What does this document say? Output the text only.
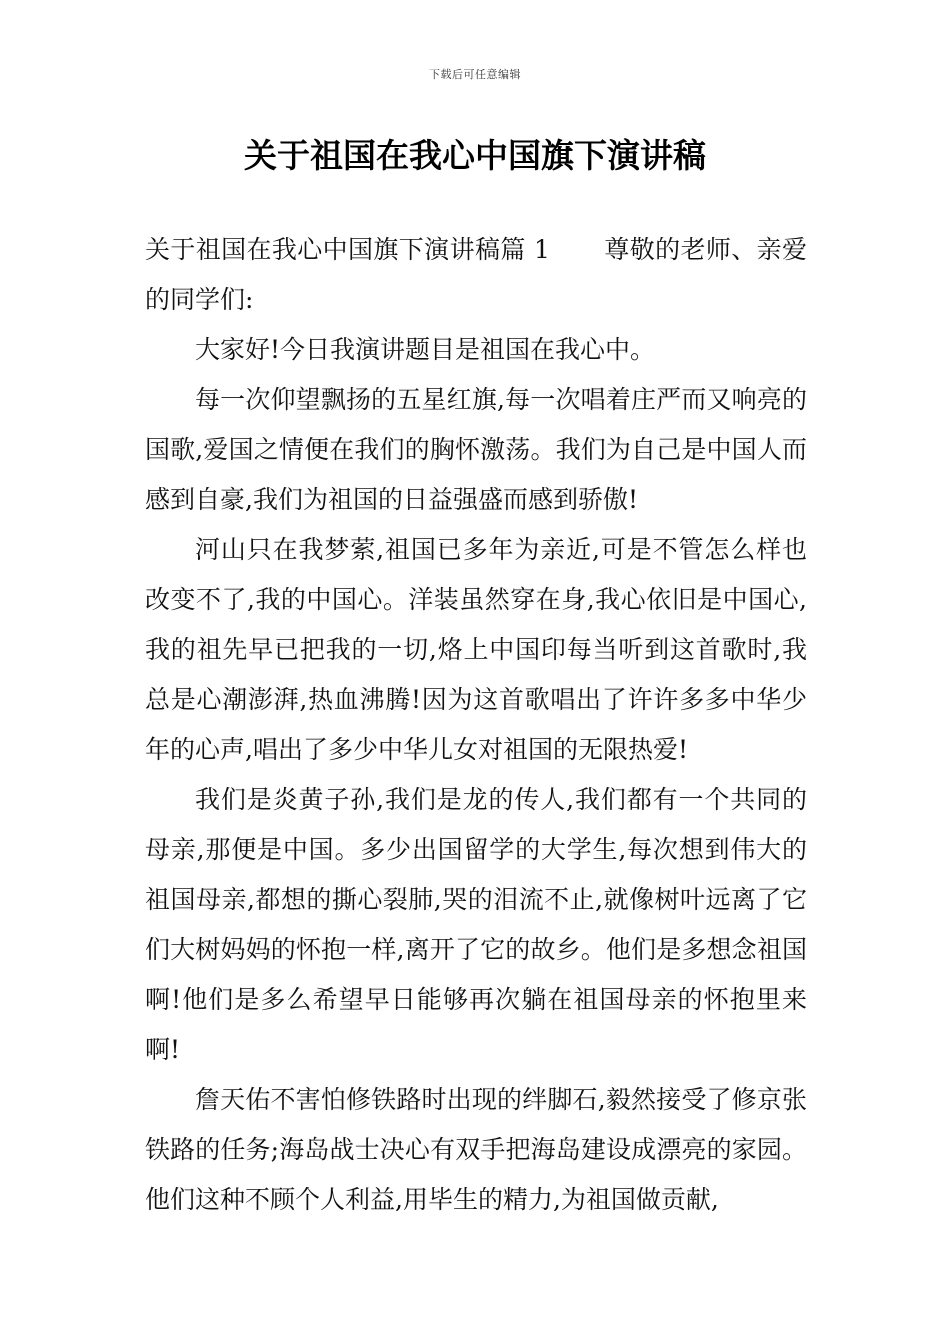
下载后可任意编辑
关于祖国在我心中国旗下演讲稿

关于祖国在我心中国旗下演讲稿篇 1 尊敬的老师、亲爱的同学们:

大家好!今日我演讲题目是祖国在我心中。

每一次仰望飘扬的五星红旗,每一次唱着庄严而又响亮的国歌,爱国之情便在我们的胸怀激荡。我们为自己是中国人而感到自豪,我们为祖国的日益强盛而感到骄傲!

河山只在我梦萦,祖国已多年为亲近,可是不管怎么样也改变不了,我的中国心。洋装虽然穿在身,我心依旧是中国心,我的祖先早已把我的一切,烙上中国印每当听到这首歌时,我总是心潮澎湃,热血沸腾!因为这首歌唱出了许许多多中华少年的心声,唱出了多少中华儿女对祖国的无限热爱!

我们是炎黄子孙,我们是龙的传人,我们都有一个共同的母亲,那便是中国。多少出国留学的大学生,每次想到伟大的祖国母亲,都想的撕心裂肺,哭的泪流不止,就像树叶远离了它们大树妈妈的怀抱一样,离开了它的故乡。他们是多想念祖国啊!他们是多么希望早日能够再次躺在祖国母亲的怀抱里来啊!

詹天佑不害怕修铁路时出现的绊脚石,毅然接受了修京张铁路的任务;海岛战士决心有双手把海岛建设成漂亮的家园。他们这种不顾个人利益,用毕生的精力,为祖国做贡献,
